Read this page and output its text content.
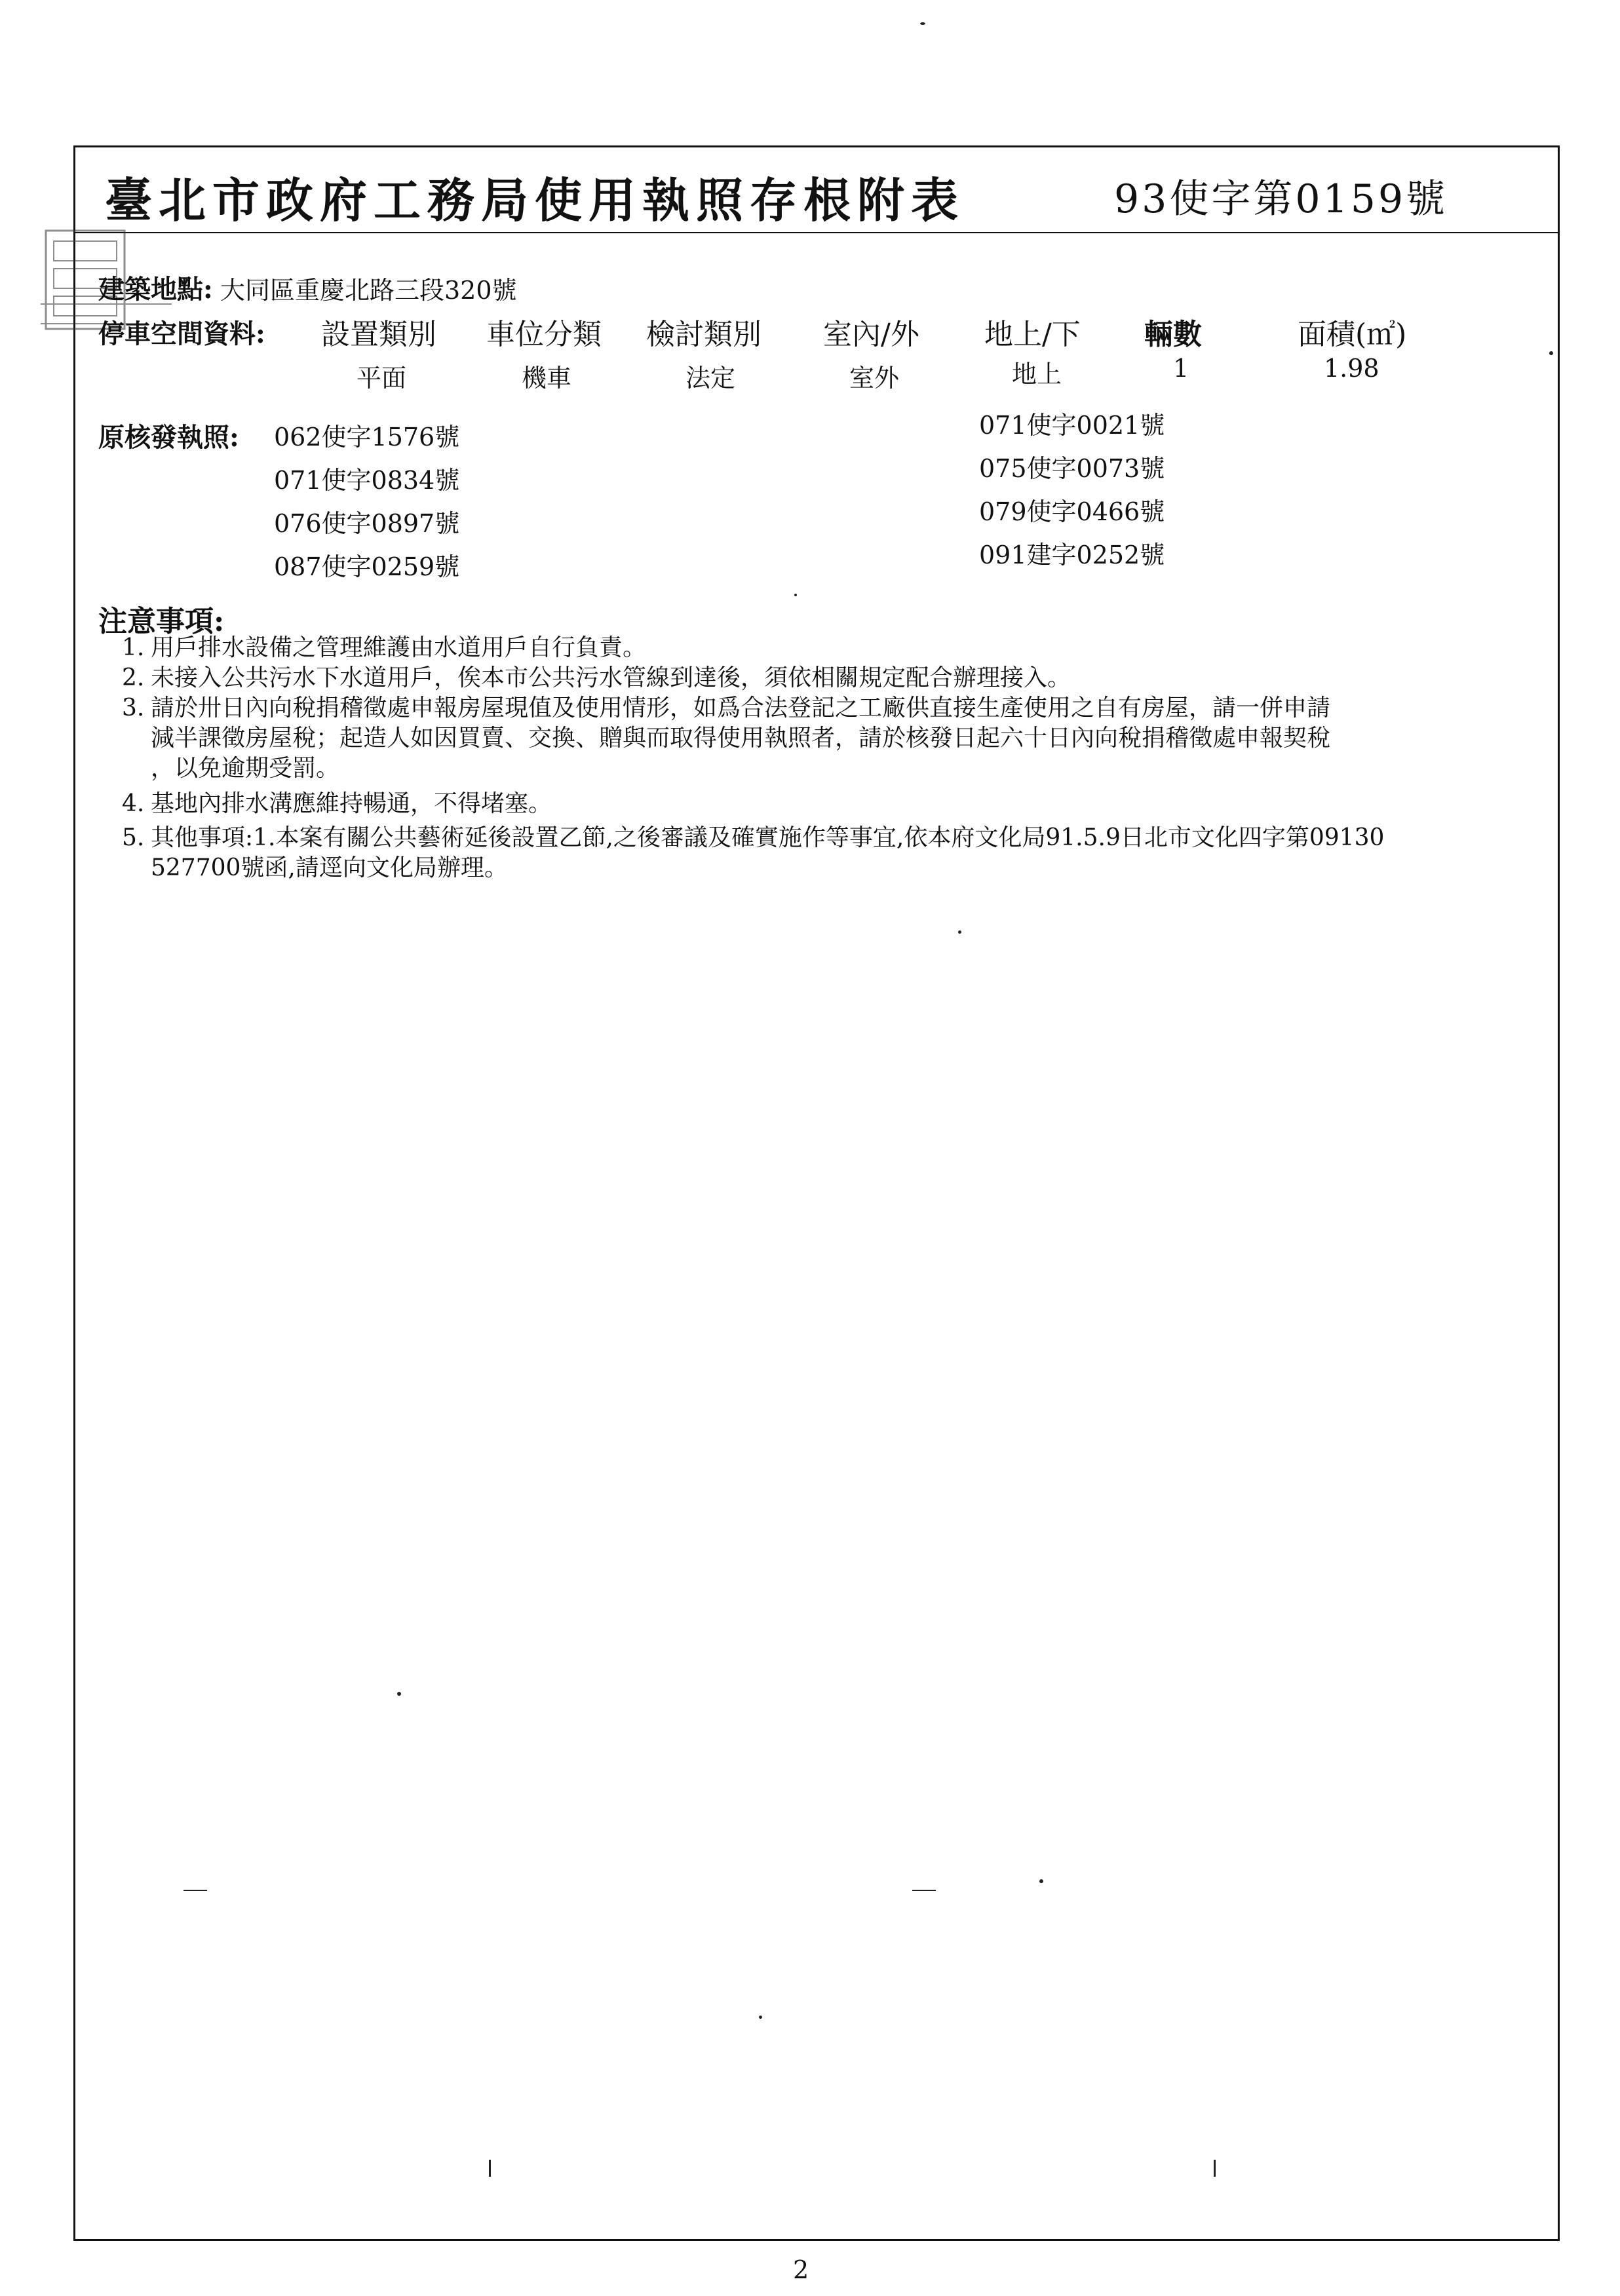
臺北市政府工務局使用執照存根附表	93使字第0159號
建築地點: 大同區重慶北路三段320號
停車空間資料: 設置類別 車位分類 檢討類別 室內/外 地上/下 輛數	面積(㎡)
平面	機車	法定	室外	地上	1	1.98
原核發執照: 062使字1576號
071使字0834號
076使字0897號
087使字0259號
071使字0021號
075使字0073號
079使字0466號
091建字0252號
注意事項:
1. 用戶排水設備之管理維護由水道用戶自行負責。
2. 未接入公共污水下水道用戶，俟本市公共污水管線到達後，須依相關規定配合辦理接入。
3. 請於卅日內向稅捐稽徵處申報房屋現值及使用情形，如爲合法登記之工廠供直接生產使用之自有房屋，請一併申請
減半課徵房屋稅；起造人如因買賣、交換、贈與而取得使用執照者，請於核發日起六十日內向稅捐稽徵處申報契稅
，以免逾期受罰。
4. 基地內排水溝應維持暢通，不得堵塞。
5. 其他事項:1.本案有關公共藝術延後設置乙節,之後審議及確實施作等事宜,依本府文化局91.5.9日北市文化四字第09130
527700號函,請逕向文化局辦理。
2
